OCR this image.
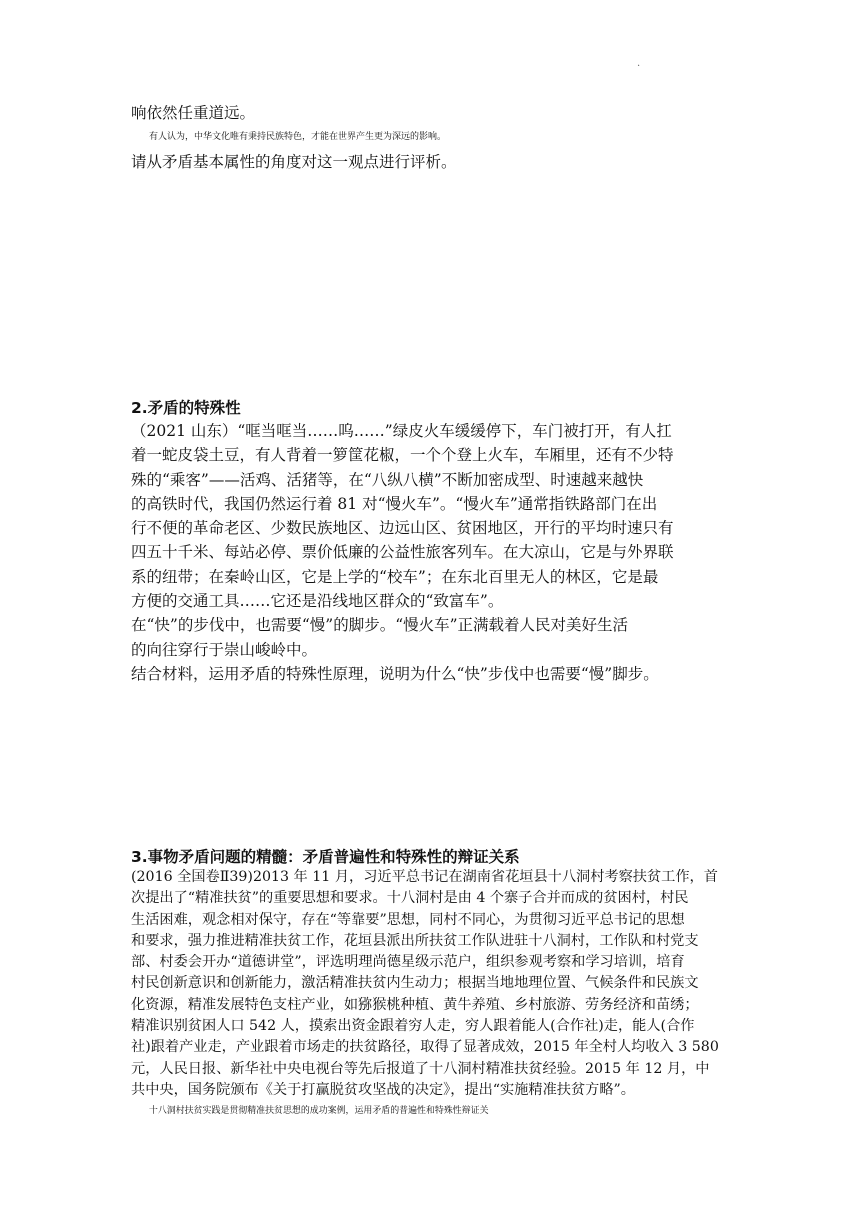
.
响依然任重道远。
有人认为，中华文化唯有秉持民族特色，才能在世界产生更为深远的影响。
请从矛盾基本属性的角度对这一观点进行评析。
2.矛盾的特殊性
（2021 山东）“哐当哐当……呜……”绿皮火车缓缓停下，车门被打开，有人扛
着一蛇皮袋土豆，有人背着一箩筐花椒，一个个登上火车，车厢里，还有不少特
殊的“乘客”——活鸡、活猪等，在“八纵八横”不断加密成型、时速越来越快
的高铁时代，我国仍然运行着 81 对“慢火车”。“慢火车”通常指铁路部门在出
行不便的革命老区、少数民族地区、边远山区、贫困地区，开行的平均时速只有
四五十千米、每站必停、票价低廉的公益性旅客列车。在大凉山，它是与外界联
系的纽带；在秦岭山区，它是上学的“校车”；在东北百里无人的林区，它是最
方便的交通工具……它还是沿线地区群众的“致富车”。
在“快”的步伐中，也需要“慢”的脚步。“慢火车”正满载着人民对美好生活
的向往穿行于崇山峻岭中。
结合材料，运用矛盾的特殊性原理，说明为什么“快”步伐中也需要“慢”脚步。
3.事物矛盾问题的精髓：矛盾普遍性和特殊性的辩证关系
(2016 全国卷Ⅱ39)2013 年 11 月，习近平总书记在湖南省花垣县十八洞村考察扶贫工作，首
次提出了“精准扶贫”的重要思想和要求。十八洞村是由 4 个寨子合并而成的贫困村，村民
生活困难，观念相对保守，存在“等靠要”思想，同村不同心，为贯彻习近平总书记的思想
和要求，强力推进精准扶贫工作，花垣县派出所扶贫工作队进驻十八洞村，工作队和村党支
部、村委会开办“道德讲堂”，评选明理尚德星级示范户，组织参观考察和学习培训，培育
村民创新意识和创新能力，激活精准扶贫内生动力；根据当地地理位置、气候条件和民族文
化资源，精准发展特色支柱产业，如猕猴桃种植、黄牛养殖、乡村旅游、劳务经济和苗绣；
精准识别贫困人口 542 人，摸索出资金跟着穷人走，穷人跟着能人(合作社)走，能人(合作
社)跟着产业走，产业跟着市场走的扶贫路径，取得了显著成效，2015 年全村人均收入 3 580
元，人民日报、新华社中央电视台等先后报道了十八洞村精准扶贫经验。2015 年 12 月，中
共中央，国务院颁布《关于打赢脱贫攻坚战的决定》，提出“实施精准扶贫方略”。
十八洞村扶贫实践是贯彻精准扶贫思想的成功案例，运用矛盾的普遍性和特殊性辩证关
